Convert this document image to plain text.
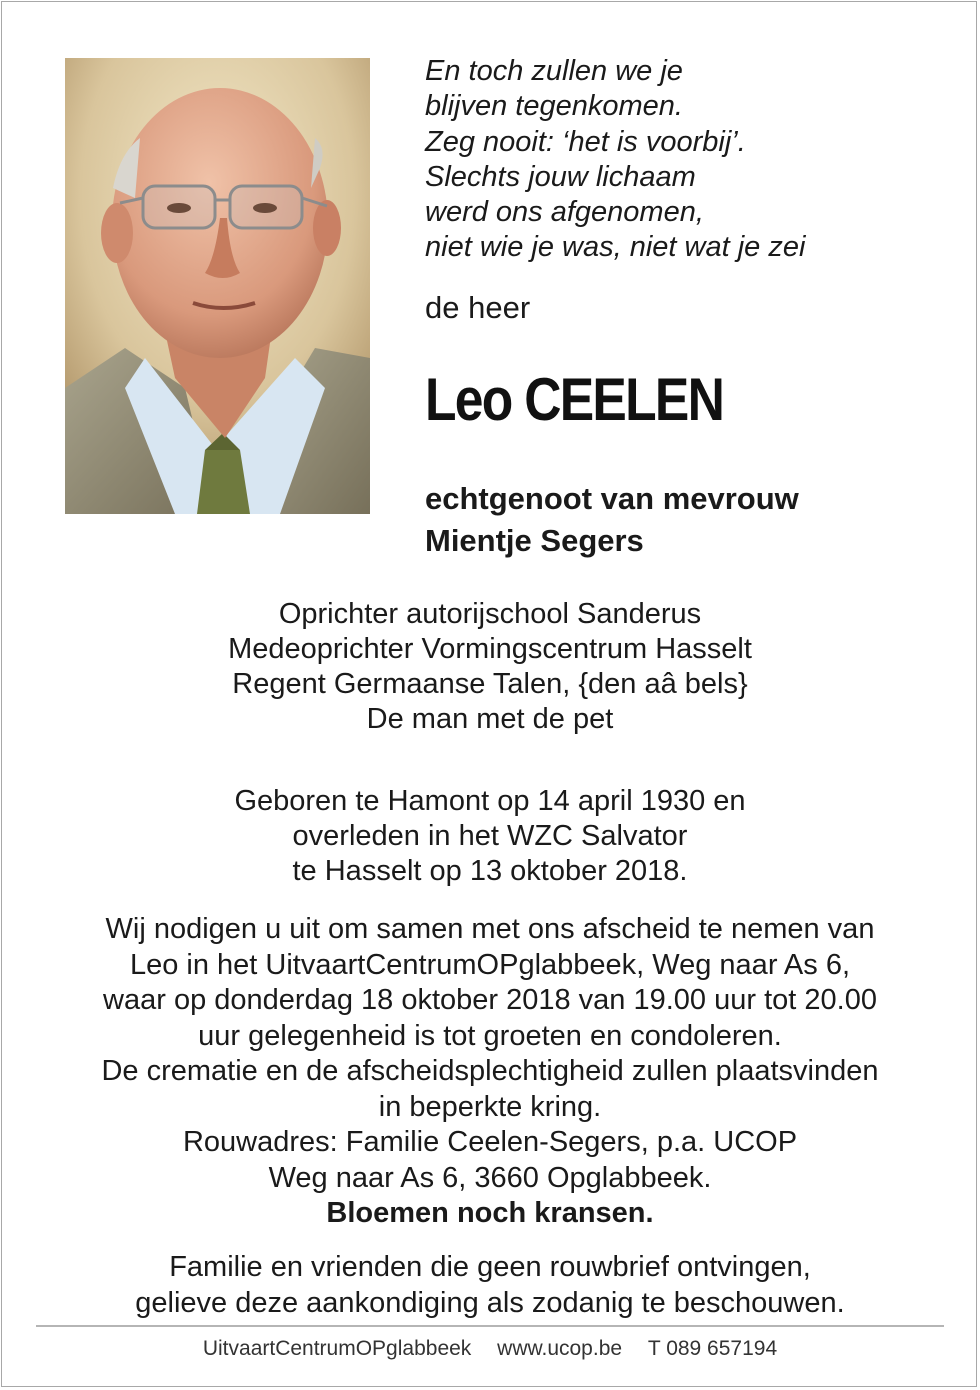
En toch zullen we je
blijven tegenkomen.
Zeg nooit: ‘het is voorbij’.
Slechts jouw lichaam
werd ons afgenomen,
niet wie je was, niet wat je zei
de heer
Leo CEELEN
echtgenoot van mevrouw
Mientje Segers
Oprichter autorijschool Sanderus
Medeoprichter Vormingscentrum Hasselt
Regent Germaanse Talen, {den aâ bels}
De man met de pet
Geboren te Hamont op 14 april 1930 en
overleden in het WZC Salvator
te Hasselt op 13 oktober 2018.
Wij nodigen u uit om samen met ons afscheid te nemen van
Leo in het UitvaartCentrumOPglabbeek, Weg naar As 6,
waar op donderdag 18 oktober 2018 van 19.00 uur tot 20.00
uur gelegenheid is tot groeten en condoleren.
De crematie en de afscheidsplechtigheid zullen plaatsvinden
in beperkte kring.
Rouwadres: Familie Ceelen-Segers, p.a. UCOP
Weg naar As 6, 3660 Opglabbeek.
Bloemen noch kransen.
Familie en vrienden die geen rouwbrief ontvingen,
gelieve deze aankondiging als zodanig te beschouwen.
UitvaartCentrumOPglabbeek www.ucop.be T 089 657194
